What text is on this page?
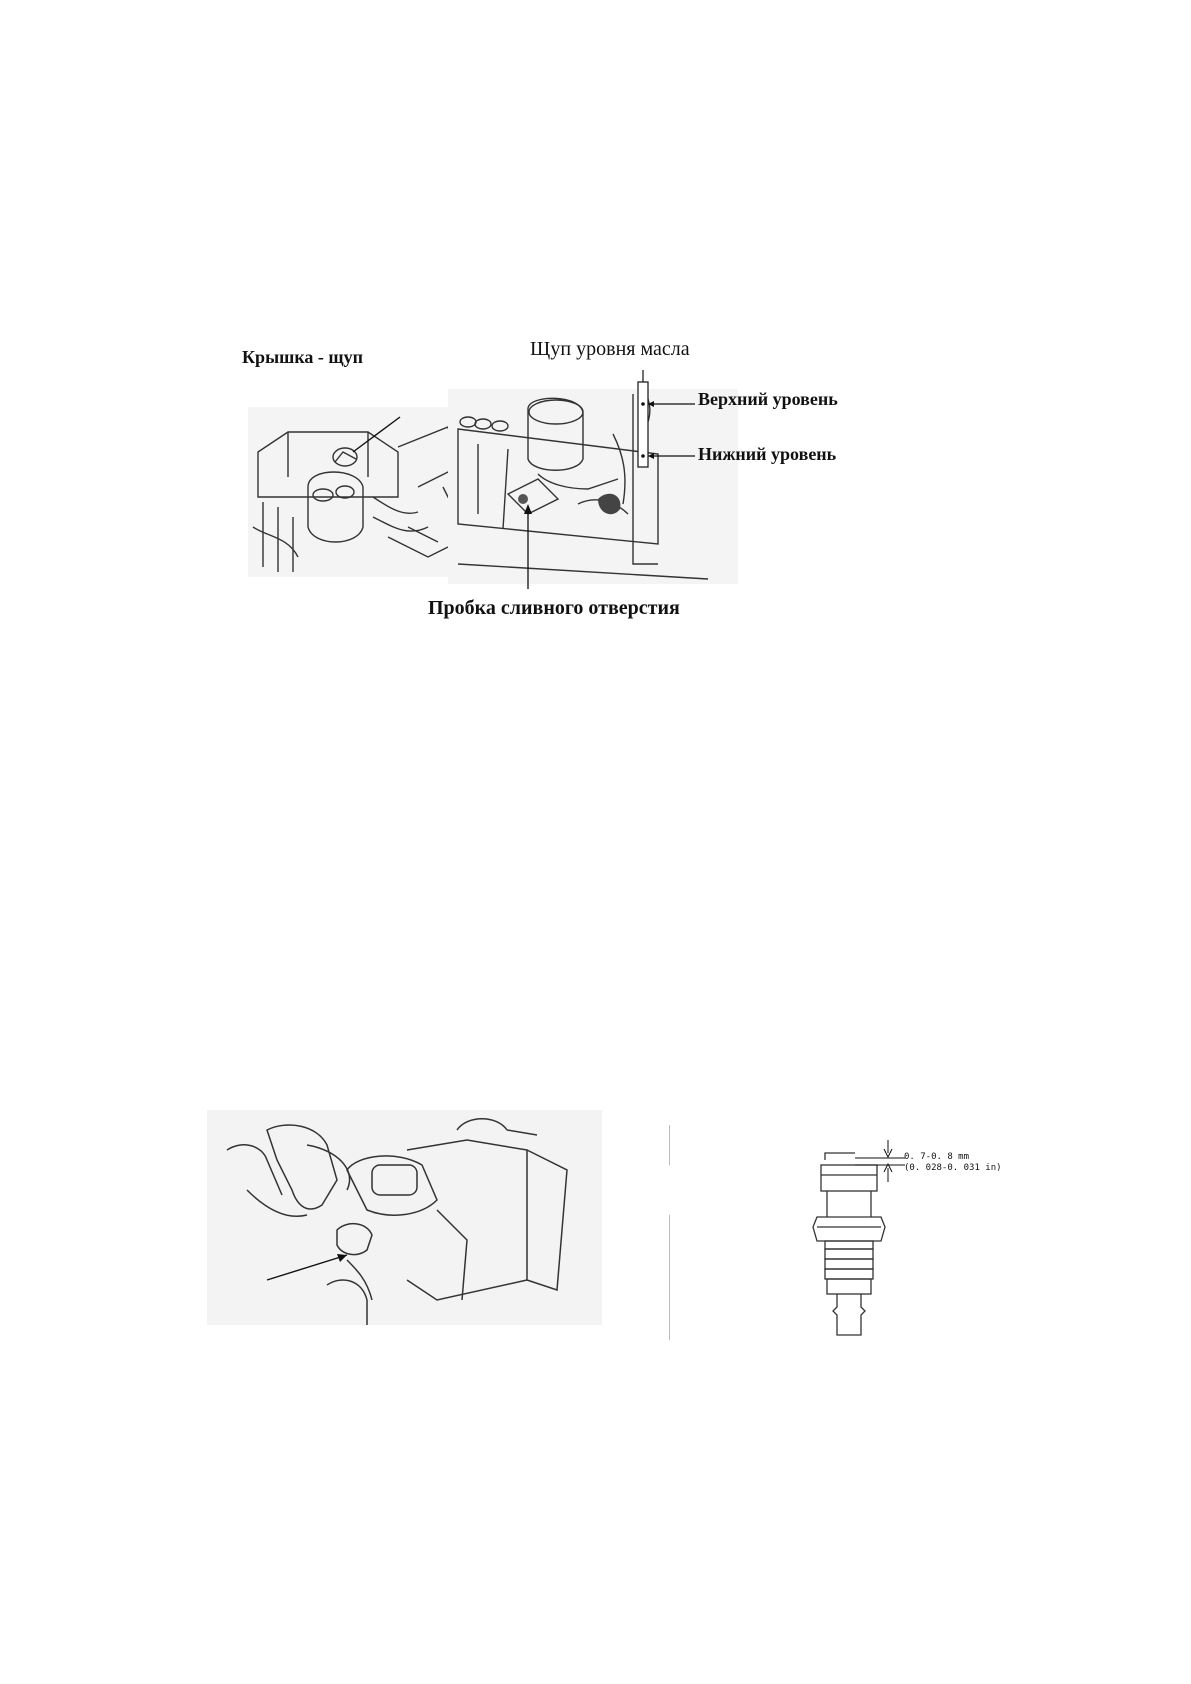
Крышка - щуп	Щуп уровня масла
Верхний уровень
Нижний уровень
Пробка сливного отверстия
0. 7-0. 8 mm
(0. 028-0. 031 in)
